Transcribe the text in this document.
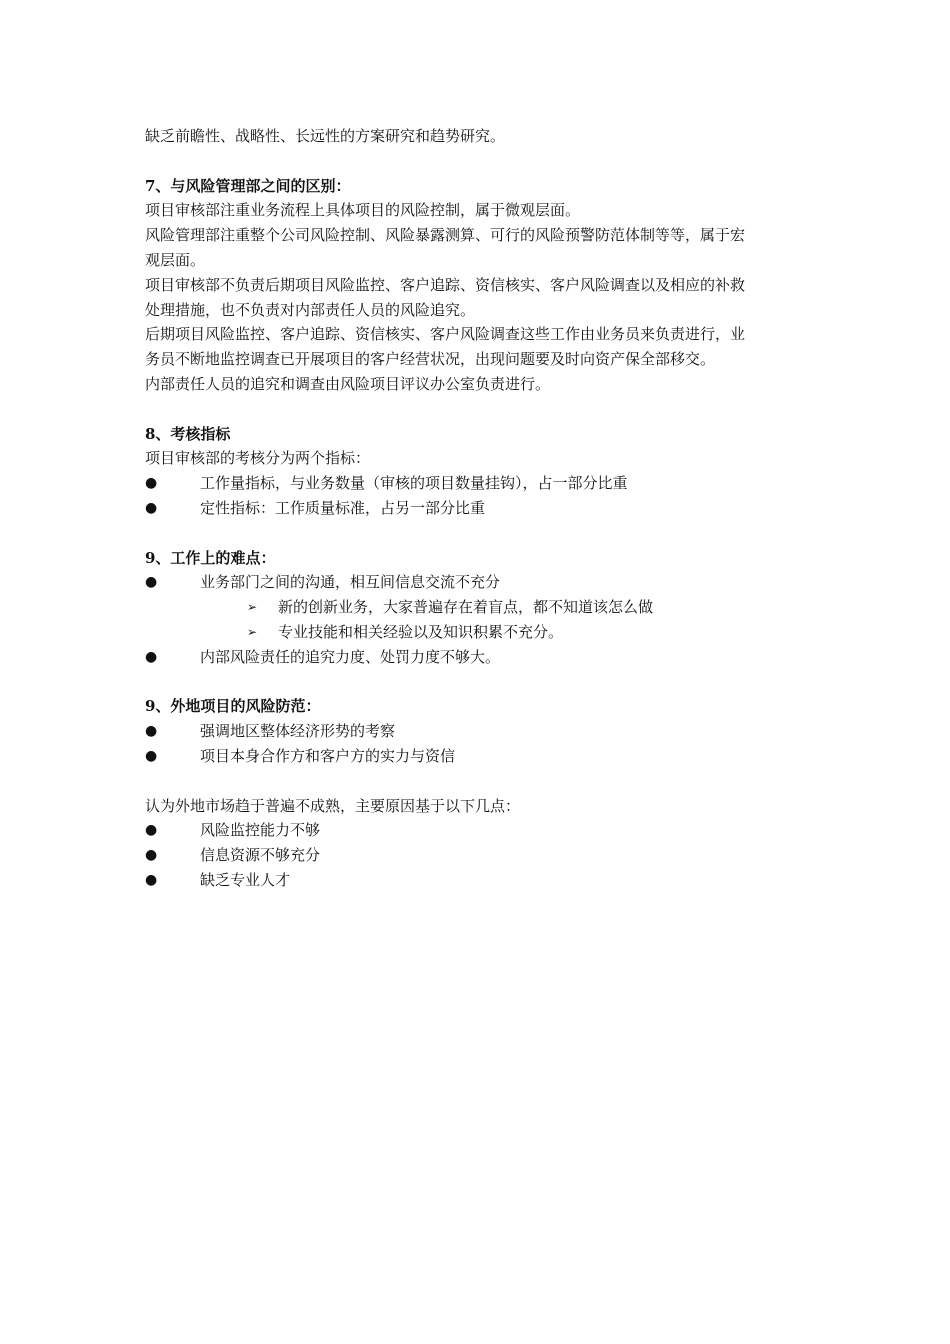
缺乏前瞻性、战略性、长远性的方案研究和趋势研究。

7、与风险管理部之间的区别：

项目审核部注重业务流程上具体项目的风险控制，属于微观层面。

风险管理部注重整个公司风险控制、风险暴露测算、可行的风险预警防范体制等等，属于宏

观层面。

项目审核部不负责后期项目风险监控、客户追踪、资信核实、客户风险调查以及相应的补救

处理措施，也不负责对内部责任人员的风险追究。

后期项目风险监控、客户追踪、资信核实、客户风险调查这些工作由业务员来负责进行，业

务员不断地监控调查已开展项目的客户经营状况，出现问题要及时向资产保全部移交。

内部责任人员的追究和调查由风险项目评议办公室负责进行。

8、考核指标

项目审核部的考核分为两个指标：

●	工作量指标，与业务数量（审核的项目数量挂钩），占一部分比重

●	定性指标：工作质量标准，占另一部分比重

9、工作上的难点：

●	业务部门之间的沟通，相互间信息交流不充分

➢ 新的创新业务，大家普遍存在着盲点，都不知道该怎么做

➢ 专业技能和相关经验以及知识积累不充分。

●	内部风险责任的追究力度、处罚力度不够大。

9、外地项目的风险防范：

●	强调地区整体经济形势的考察

●	项目本身合作方和客户方的实力与资信

认为外地市场趋于普遍不成熟，主要原因基于以下几点：

●	风险监控能力不够

●	信息资源不够充分

●	缺乏专业人才
